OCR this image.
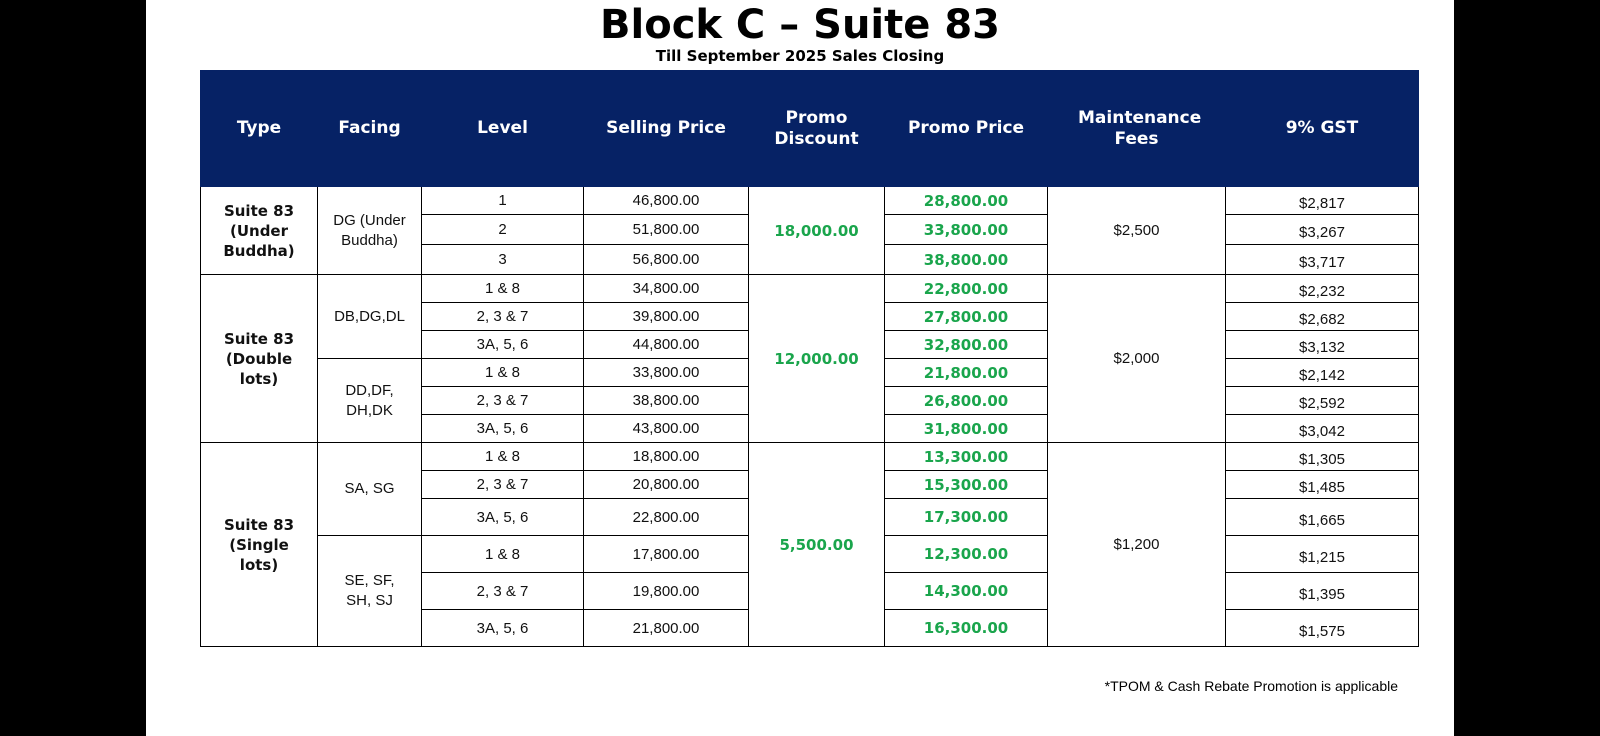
Block C – Suite 83
Till September 2025 Sales Closing
Type	Facing	Level	Selling Price	Promo Discount	Promo Price	Maintenance Fees	9% GST
Suite 83 (Under Buddha)	DG (Under Buddha)	1	46,800.00	18,000.00	28,800.00	$2,500	$2,817
		2	51,800.00		33,800.00		$3,267
		3	56,800.00		38,800.00		$3,717
Suite 83 (Double lots)	DB,DG,DL	1 & 8	34,800.00	12,000.00	22,800.00	$2,000	$2,232
		2, 3 & 7	39,800.00		27,800.00		$2,682
		3A, 5, 6	44,800.00		32,800.00		$3,132
	DD,DF, DH,DK	1 & 8	33,800.00		21,800.00		$2,142
		2, 3 & 7	38,800.00		26,800.00		$2,592
		3A, 5, 6	43,800.00		31,800.00		$3,042
Suite 83 (Single lots)	SA, SG	1 & 8	18,800.00	5,500.00	13,300.00	$1,200	$1,305
		2, 3 & 7	20,800.00		15,300.00		$1,485
		3A, 5, 6	22,800.00		17,300.00		$1,665
	SE, SF, SH, SJ	1 & 8	17,800.00		12,300.00		$1,215
		2, 3 & 7	19,800.00		14,300.00		$1,395
		3A, 5, 6	21,800.00		16,300.00		$1,575
*TPOM & Cash Rebate Promotion is applicable
